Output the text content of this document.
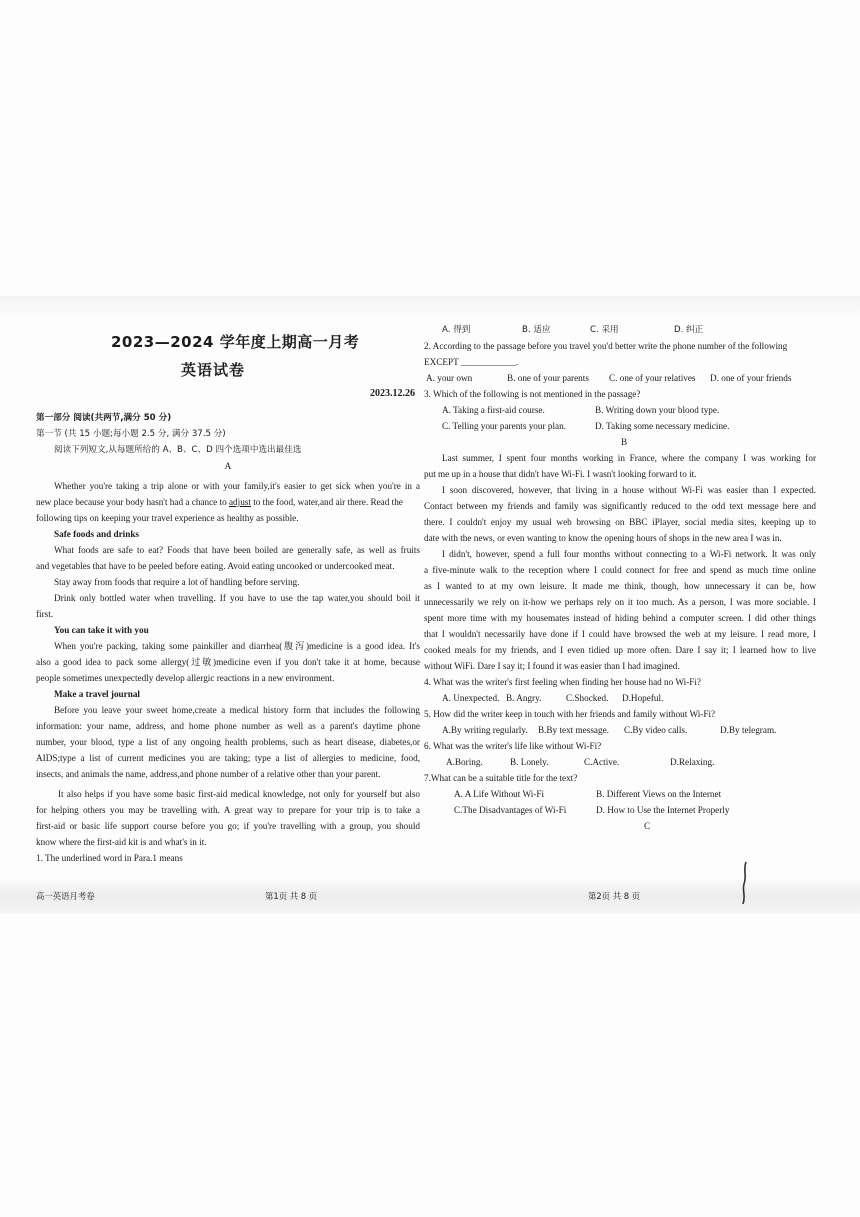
2023—2024 学年度上期高一月考
英语试卷
2023.12.26

第一部分 阅读(共两节,满分 50 分)

第一节 (共 15 小题;每小题 2.5 分, 满分 37.5 分)

阅读下列短文,从每题所给的 A、B、C、D 四个选项中选出最佳选

A

Whether you're taking a trip alone or with your family,it's easier to get sick when you're in a

new place because your body hasn't had a chance to adjust to the food, water,and air there. Read the

following tips on keeping your travel experience as healthy as possible.

Safe foods and drinks

What foods are safe to eat? Foods that have been boiled are generally safe, as well as fruits

and vegetables that have to be peeled before eating. Avoid eating uncooked or undercooked meat.

Stay away from foods that require a lot of handling before serving.

Drink only bottled water when travelling. If you have to use the tap water,you should boil it

first.

You can take it with you

When you're packing, taking some painkiller and diarrhea(腹泻)medicine is a good idea. It's

also a good idea to pack some allergy(过敏)medicine even if you don't take it at home, because

people sometimes unexpectedly develop allergic reactions in a new environment.

Make a travel journal

Before you leave your sweet home,create a medical history form that includes the following

information: your name, address, and home phone number as well as a parent's daytime phone

number, your blood, type a list of any ongoing health problems, such as heart disease, diabetes,or

AIDS;type a list of current medicines you are taking; type a list of allergies to medicine, food,

insects, and animals the name, address,and phone number of a relative other than your parent.

It also helps if you have some basic first-aid medical knowledge, not only for yourself but also

for helping others you may be travelling with. A great way to prepare for your trip is to take a

first-aid or basic life support course before you go; if you're travelling with a group, you should

know where the first-aid kit is and what's in it.

1. The underlined word in Para.1 means

高一英语月考卷	第1页 共 8 页
A. 得到	B. 适应	C. 采用	D. 纠正

2. According to the passage before you travel you'd better write the phone number of the following

EXCEPT ____________.

A. your own	B. one of your parents	C. one of your relatives	D. one of your friends

3. Which of the following is not mentioned in the passage?

A. Taking a first-aid course.	B. Writing down your blood type.
C. Telling your parents your plan.	D. Taking some necessary medicine.

B

Last summer, I spent four months working in France, where the company I was working for

put me up in a house that didn't have Wi-Fi. I wasn't looking forward to it.

I soon discovered, however, that living in a house without Wi-Fi was easier than I expected.

Contact between my friends and family was significantly reduced to the odd text message here and

there. I couldn't enjoy my usual web browsing on BBC iPlayer, social media sites, keeping up to

date with the news, or even wanting to know the opening hours of shops in the new area I was in.

I didn't, however, spend a full four months without connecting to a Wi-Fi network. It was only

a five-minute walk to the reception where I could connect for free and spend as much time online

as I wanted to at my own leisure. It made me think, though, how unnecessary it can be, how

unnecessarily we rely on it-how we perhaps rely on it too much. As a person, I was more sociable. I

spent more time with my housemates instead of hiding behind a computer screen. I did other things

that I wouldn't necessarily have done if I could have browsed the web at my leisure. I read more, I

cooked meals for my friends, and I even tidied up more often. Dare I say it; I learned how to live

without WiFi. Dare I say it; I found it was easier than I had imagined.

4. What was the writer's first feeling when finding her house had no Wi-Fi?

A. Unexpected. B. Angry.	C.Shocked.	D.Hopeful.

5. How did the writer keep in touch with her friends and family without Wi-Fi?

A.By writing regularly.	B.By text message.	C.By video calls.	D.By telegram.

6. What was the writer's life like without Wi-Fi?

A.Boring.	B. Lonely.	C.Active.	D.Relaxing.

7.What can be a suitable title for the text?

A. A Life Without Wi-Fi	B. Different Views on the Internet
C.The Disadvantages of Wi-Fi	D. How to Use the Internet Properly

C

第2页 共 8 页
